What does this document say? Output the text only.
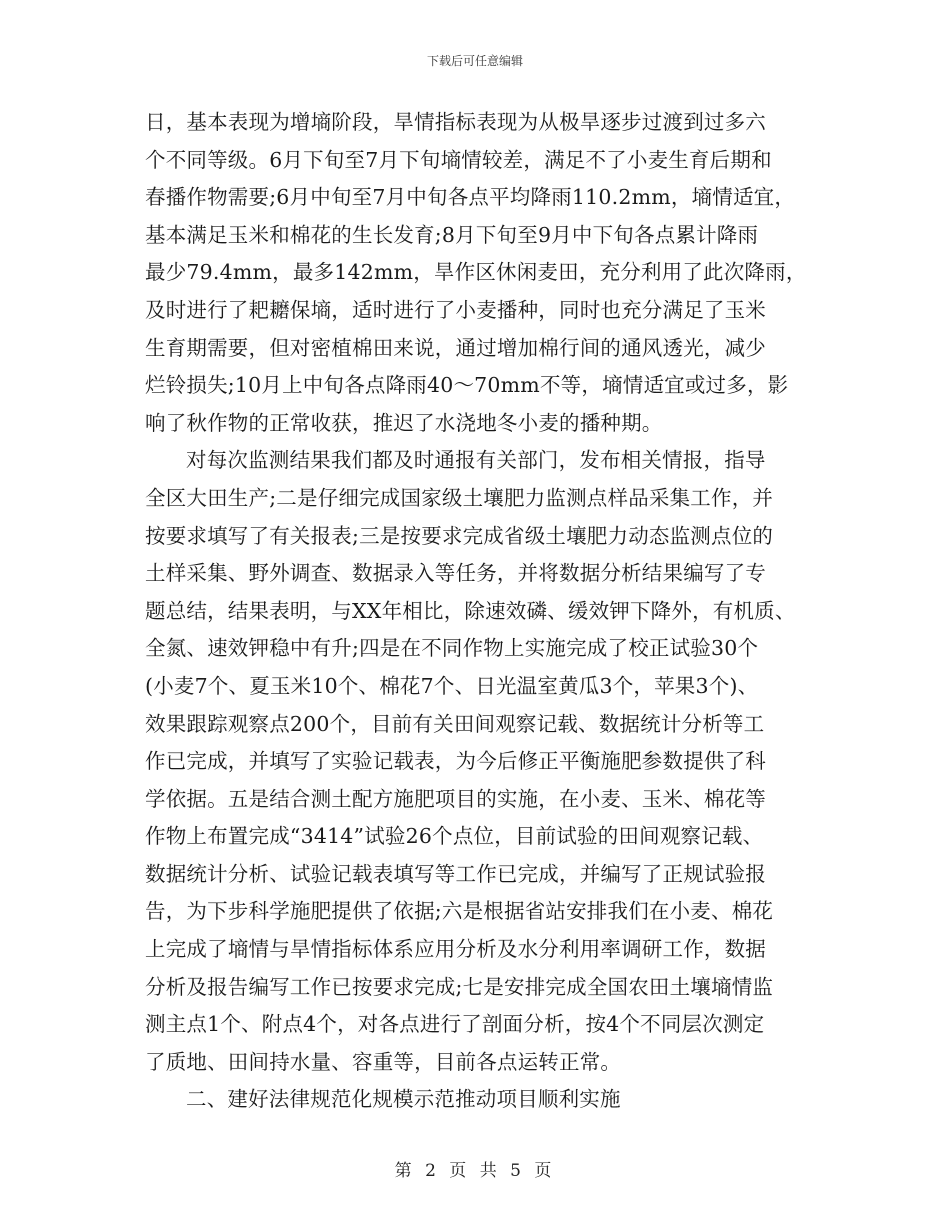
下载后可任意编辑
日，基本表现为增墒阶段，旱情指标表现为从极旱逐步过渡到过多六
个不同等级。6月下旬至7月下旬墒情较差，满足不了小麦生育后期和
春播作物需要;6月中旬至7月中旬各点平均降雨110.2mm，墒情适宜，
基本满足玉米和棉花的生长发育;8月下旬至9月中下旬各点累计降雨
最少79.4mm，最多142mm，旱作区休闲麦田，充分利用了此次降雨，
及时进行了耙耱保墒，适时进行了小麦播种，同时也充分满足了玉米
生育期需要，但对密植棉田来说，通过增加棉行间的通风透光，减少
烂铃损失;10月上中旬各点降雨40～70mm不等，墒情适宜或过多，影
响了秋作物的正常收获，推迟了水浇地冬小麦的播种期。
对每次监测结果我们都及时通报有关部门，发布相关情报，指导
全区大田生产;二是仔细完成国家级土壤肥力监测点样品采集工作，并
按要求填写了有关报表;三是按要求完成省级土壤肥力动态监测点位的
土样采集、野外调查、数据录入等任务，并将数据分析结果编写了专
题总结，结果表明，与XX年相比，除速效磷、缓效钾下降外，有机质、
全氮、速效钾稳中有升;四是在不同作物上实施完成了校正试验30个
(小麦7个、夏玉米10个、棉花7个、日光温室黄瓜3个，苹果3个)、
效果跟踪观察点200个，目前有关田间观察记载、数据统计分析等工
作已完成，并填写了实验记载表，为今后修正平衡施肥参数提供了科
学依据。五是结合测土配方施肥项目的实施，在小麦、玉米、棉花等
作物上布置完成“3414”试验26个点位，目前试验的田间观察记载、
数据统计分析、试验记载表填写等工作已完成，并编写了正规试验报
告，为下步科学施肥提供了依据;六是根据省站安排我们在小麦、棉花
上完成了墒情与旱情指标体系应用分析及水分利用率调研工作，数据
分析及报告编写工作已按要求完成;七是安排完成全国农田土壤墒情监
测主点1个、附点4个，对各点进行了剖面分析，按4个不同层次测定
了质地、田间持水量、容重等，目前各点运转正常。
二、建好法律规范化规模示范推动项目顺利实施
第 2 页 共 5 页
